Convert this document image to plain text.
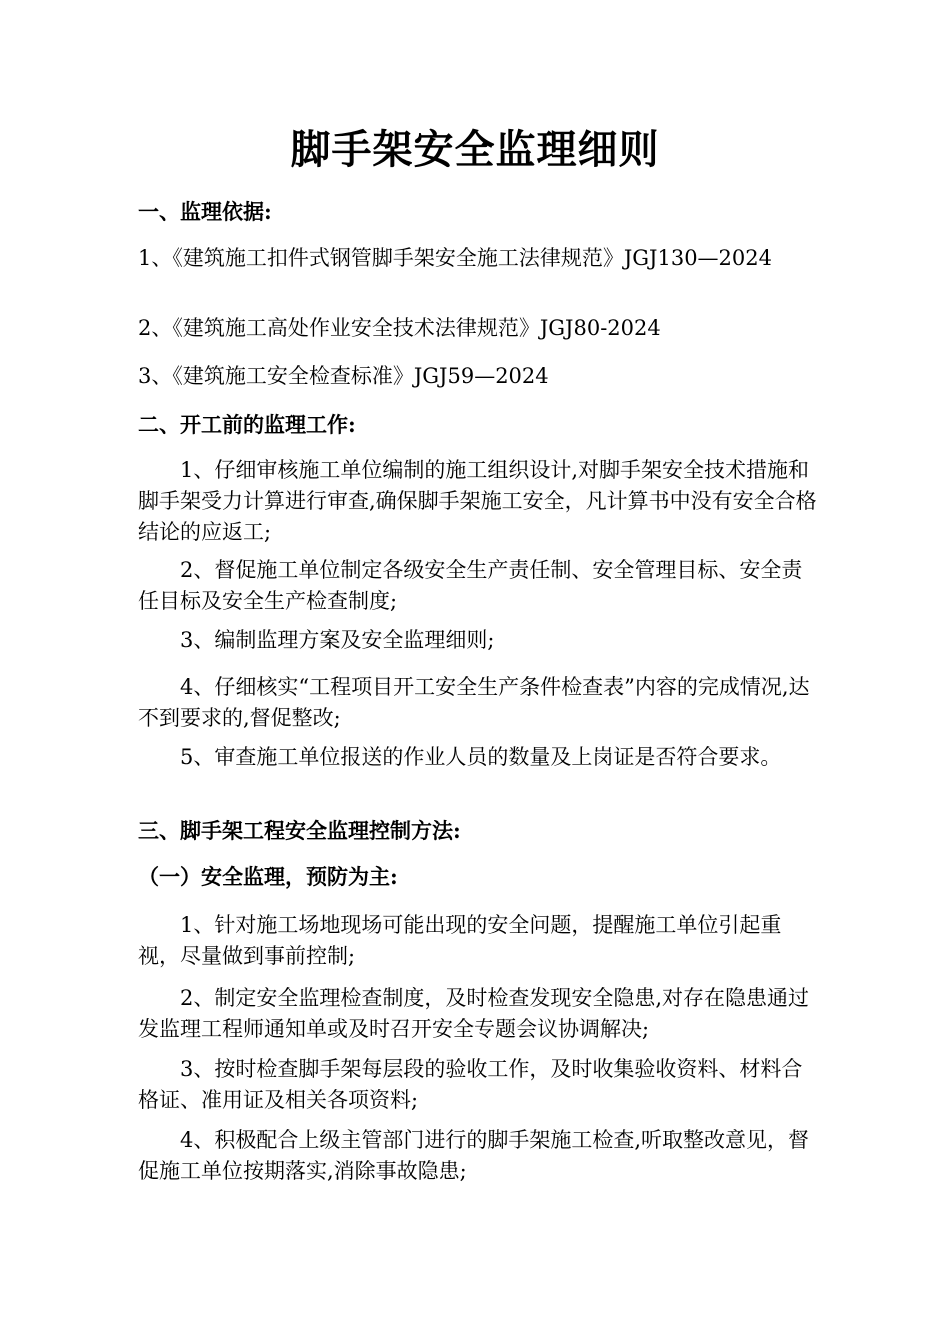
脚手架安全监理细则

一、监理依据:

1、《建筑施工扣件式钢管脚手架安全施工法律规范》JGJ130—2024

2、《建筑施工高处作业安全技术法律规范》JGJ80-2024

3、《建筑施工安全检查标准》JGJ59—2024

二、开工前的监理工作:

1、仔细审核施工单位编制的施工组织设计,对脚手架安全技术措施和脚手架受力计算进行审查,确保脚手架施工安全，凡计算书中没有安全合格结论的应返工;

2、督促施工单位制定各级安全生产责任制、安全管理目标、安全责任目标及安全生产检查制度;

3、编制监理方案及安全监理细则;

4、仔细核实“工程项目开工安全生产条件检查表”内容的完成情况,达不到要求的,督促整改;

5、审查施工单位报送的作业人员的数量及上岗证是否符合要求。

三、脚手架工程安全监理控制方法:

（一）安全监理，预防为主:

1、针对施工场地现场可能出现的安全问题，提醒施工单位引起重视，尽量做到事前控制;

2、制定安全监理检查制度，及时检查发现安全隐患,对存在隐患通过发监理工程师通知单或及时召开安全专题会议协调解决;

3、按时检查脚手架每层段的验收工作，及时收集验收资料、材料合格证、准用证及相关各项资料;

4、积极配合上级主管部门进行的脚手架施工检查,听取整改意见，督促施工单位按期落实,消除事故隐患;
